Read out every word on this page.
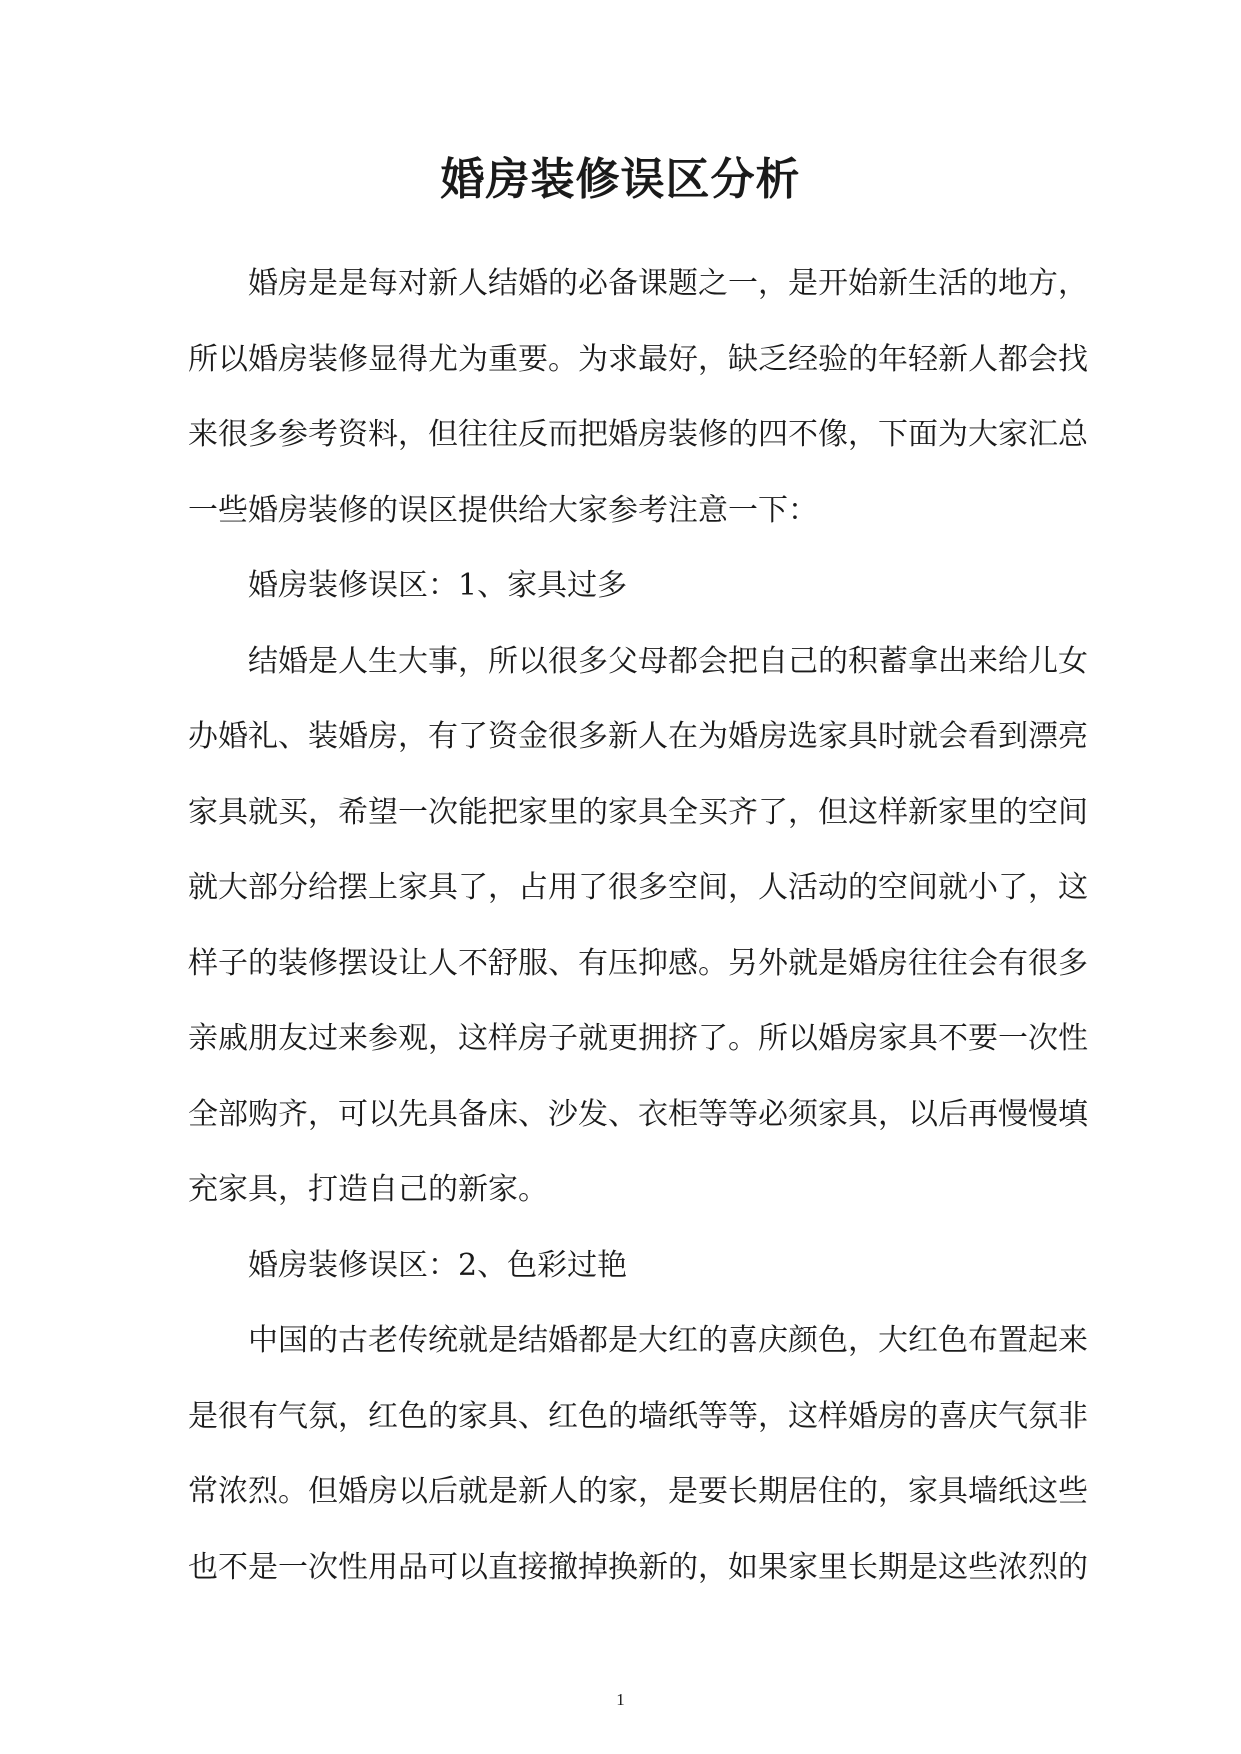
婚房装修误区分析
婚房是是每对新人结婚的必备课题之一，是开始新生活的地方，
所以婚房装修显得尤为重要。为求最好，缺乏经验的年轻新人都会找
来很多参考资料，但往往反而把婚房装修的四不像，下面为大家汇总
一些婚房装修的误区提供给大家参考注意一下：
婚房装修误区：1、家具过多
结婚是人生大事，所以很多父母都会把自己的积蓄拿出来给儿女
办婚礼、装婚房，有了资金很多新人在为婚房选家具时就会看到漂亮
家具就买，希望一次能把家里的家具全买齐了，但这样新家里的空间
就大部分给摆上家具了，占用了很多空间，人活动的空间就小了，这
样子的装修摆设让人不舒服、有压抑感。另外就是婚房往往会有很多
亲戚朋友过来参观，这样房子就更拥挤了。所以婚房家具不要一次性
全部购齐，可以先具备床、沙发、衣柜等等必须家具，以后再慢慢填
充家具，打造自己的新家。
婚房装修误区：2、色彩过艳
中国的古老传统就是结婚都是大红的喜庆颜色，大红色布置起来
是很有气氛，红色的家具、红色的墙纸等等，这样婚房的喜庆气氛非
常浓烈。但婚房以后就是新人的家，是要长期居住的，家具墙纸这些
也不是一次性用品可以直接撤掉换新的，如果家里长期是这些浓烈的
1
